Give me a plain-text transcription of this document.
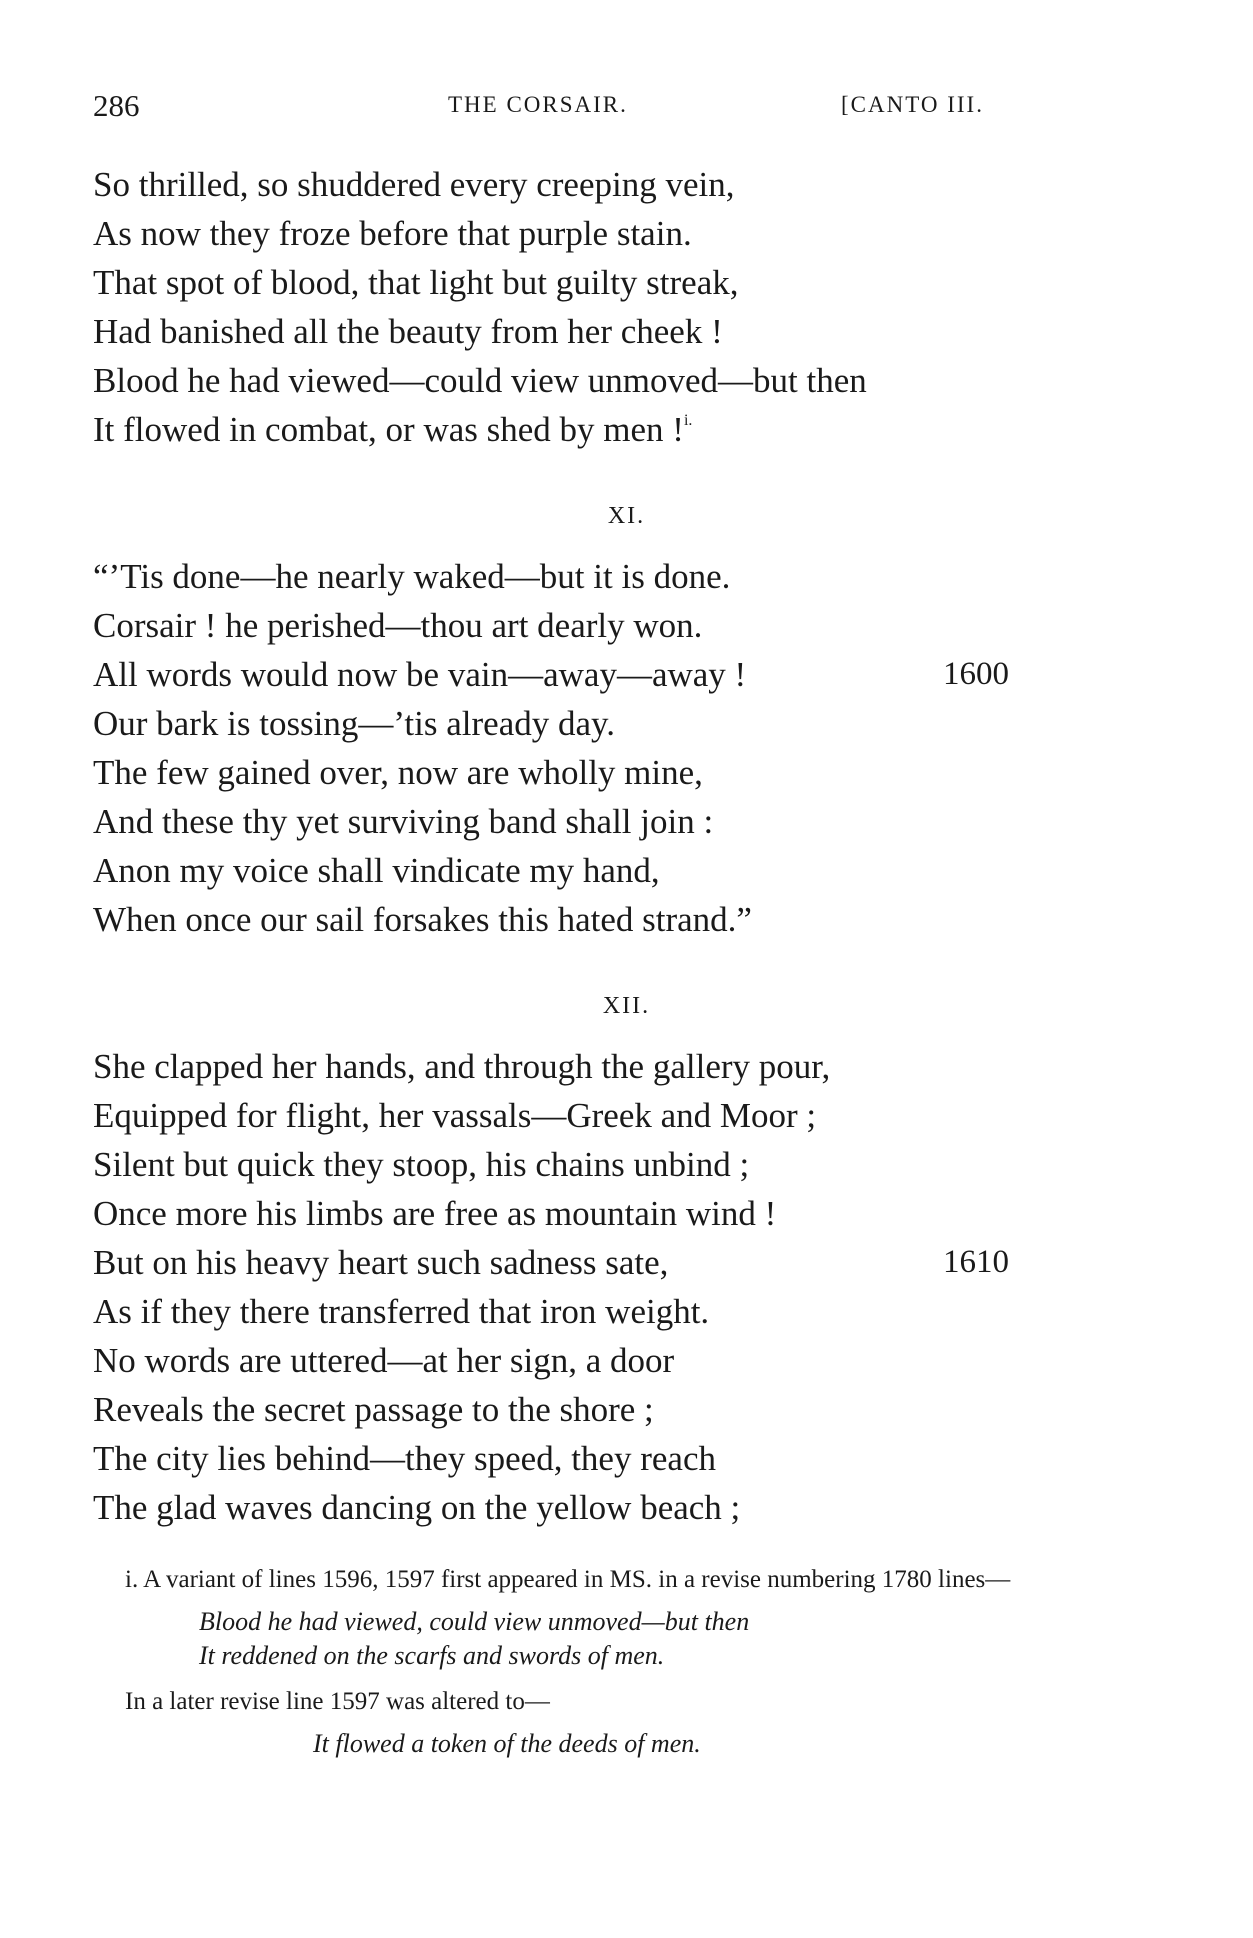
286	THE CORSAIR.	[CANTO III.
So thrilled, so shuddered every creeping vein,
As now they froze before that purple stain.
That spot of blood, that light but guilty streak,
Had banished all the beauty from her cheek !
Blood he had viewed—could view unmoved—but then
It flowed in combat, or was shed by men !$^{i.}$
XI.
“’Tis done—he nearly waked—but it is done.
Corsair ! he perished—thou art dearly won.
All words would now be vain—away—away !	1600
Our bark is tossing—’tis already day.
The few gained over, now are wholly mine,
And these thy yet surviving band shall join :
Anon my voice shall vindicate my hand,
When once our sail forsakes this hated strand.”
XII.
She clapped her hands, and through the gallery pour,
Equipped for flight, her vassals—Greek and Moor ;
Silent but quick they stoop, his chains unbind ;
Once more his limbs are free as mountain wind !
But on his heavy heart such sadness sate,	1610
As if they there transferred that iron weight.
No words are uttered—at her sign, a door
Reveals the secret passage to the shore ;
The city lies behind—they speed, they reach
The glad waves dancing on the yellow beach ;

i. A variant of lines 1596, 1597 first appeared in MS. in a revise numbering 1780 lines—

Blood he had viewed, could view unmoved—but then
It reddened on the scarfs and swords of men.

In a later revise line 1597 was altered to—

It flowed a token of the deeds of men.
